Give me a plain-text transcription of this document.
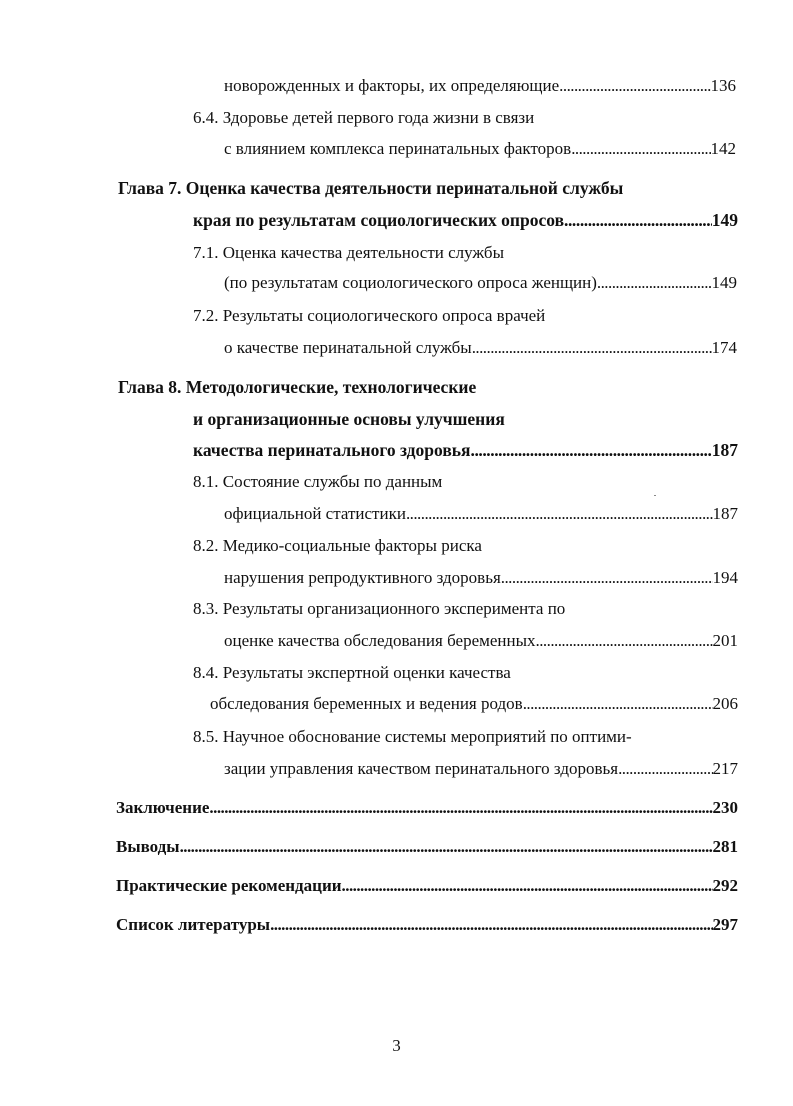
новорожденных и факторы, их определяющие . . .	136
6.4. Здоровье детей первого года жизни в связи
с влиянием комплекса перинатальных факторов . . .	142
Глава 7. Оценка качества деятельности перинатальной службы
края по результатам социологических опросов . . .	149
7.1. Оценка качества деятельности службы
(по результатам социологического опроса женщин) . . .	149
7.2. Результаты социологического опроса врачей
о качестве перинатальной службы . . .	174
Глава 8. Методологические, технологические
и организационные основы улучшения
качества перинатального здоровья . . .	187
8.1. Состояние службы по данным
официальной статистики . . .	187
8.2. Медико-социальные факторы риска
нарушения репродуктивного здоровья . . .	194
8.3. Результаты организационного эксперимента по
оценке качества обследования беременных . . .	201
8.4. Результаты экспертной оценки качества
обследования беременных и ведения родов . . .	206
8.5. Научное обоснование системы мероприятий по оптими-
зации управления качеством перинатального здоровья . . .	217
Заключение . . .	230
Выводы . . .	281
Практические рекомендации . . .	292
Список литературы . . .	297
3
